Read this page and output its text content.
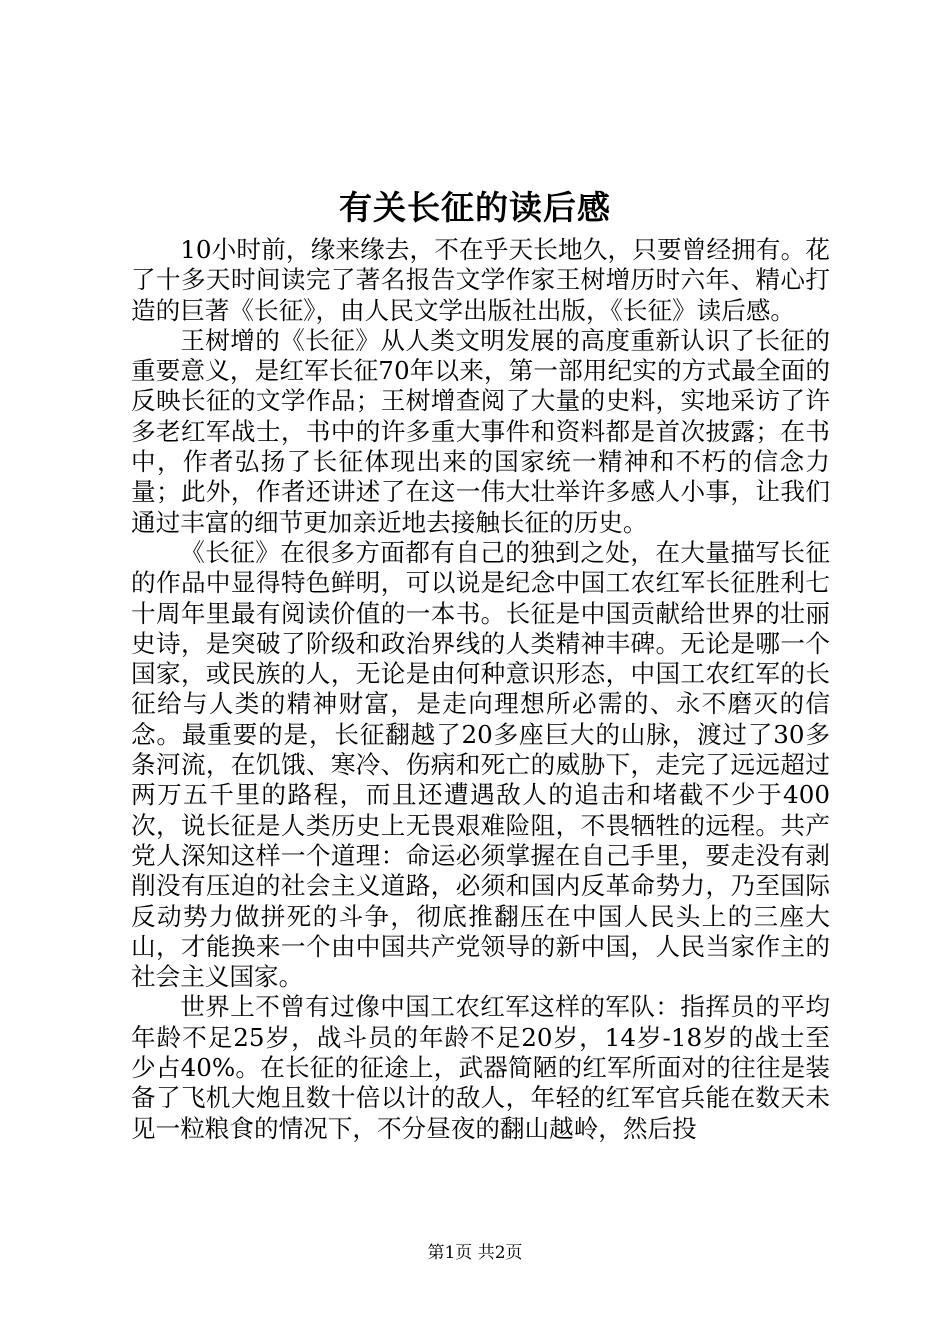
有关长征的读后感

10小时前，缘来缘去，不在乎天长地久，只要曾经拥有。花了十多天时间读完了著名报告文学作家王树增历时六年、精心打造的巨著《长征》，由人民文学出版社出版，《长征》读后感。

王树增的《长征》从人类文明发展的高度重新认识了长征的重要意义，是红军长征70年以来，第一部用纪实的方式最全面的反映长征的文学作品；王树增查阅了大量的史料，实地采访了许多老红军战士，书中的许多重大事件和资料都是首次披露；在书中，作者弘扬了长征体现出来的国家统一精神和不朽的信念力量；此外，作者还讲述了在这一伟大壮举许多感人小事，让我们通过丰富的细节更加亲近地去接触长征的历史。

《长征》在很多方面都有自己的独到之处，在大量描写长征的作品中显得特色鲜明，可以说是纪念中国工农红军长征胜利七十周年里最有阅读价值的一本书。长征是中国贡献给世界的壮丽史诗，是突破了阶级和政治界线的人类精神丰碑。无论是哪一个国家，或民族的人，无论是由何种意识形态，中国工农红军的长征给与人类的精神财富，是走向理想所必需的、永不磨灭的信念。最重要的是，长征翻越了20多座巨大的山脉，渡过了30多条河流，在饥饿、寒冷、伤病和死亡的威胁下，走完了远远超过两万五千里的路程，而且还遭遇敌人的追击和堵截不少于400次，说长征是人类历史上无畏艰难险阻，不畏牺牲的远程。共产党人深知这样一个道理：命运必须掌握在自己手里，要走没有剥削没有压迫的社会主义道路，必须和国内反革命势力，乃至国际反动势力做拼死的斗争，彻底推翻压在中国人民头上的三座大山，才能换来一个由中国共产党领导的新中国，人民当家作主的社会主义国家。

世界上不曾有过像中国工农红军这样的军队：指挥员的平均年龄不足25岁，战斗员的年龄不足20岁，14岁-18岁的战士至少占40%。在长征的征途上，武器简陋的红军所面对的往往是装备了飞机大炮且数十倍以计的敌人，年轻的红军官兵能在数天未见一粒粮食的情况下，不分昼夜的翻山越岭，然后投

第1页 共2页
